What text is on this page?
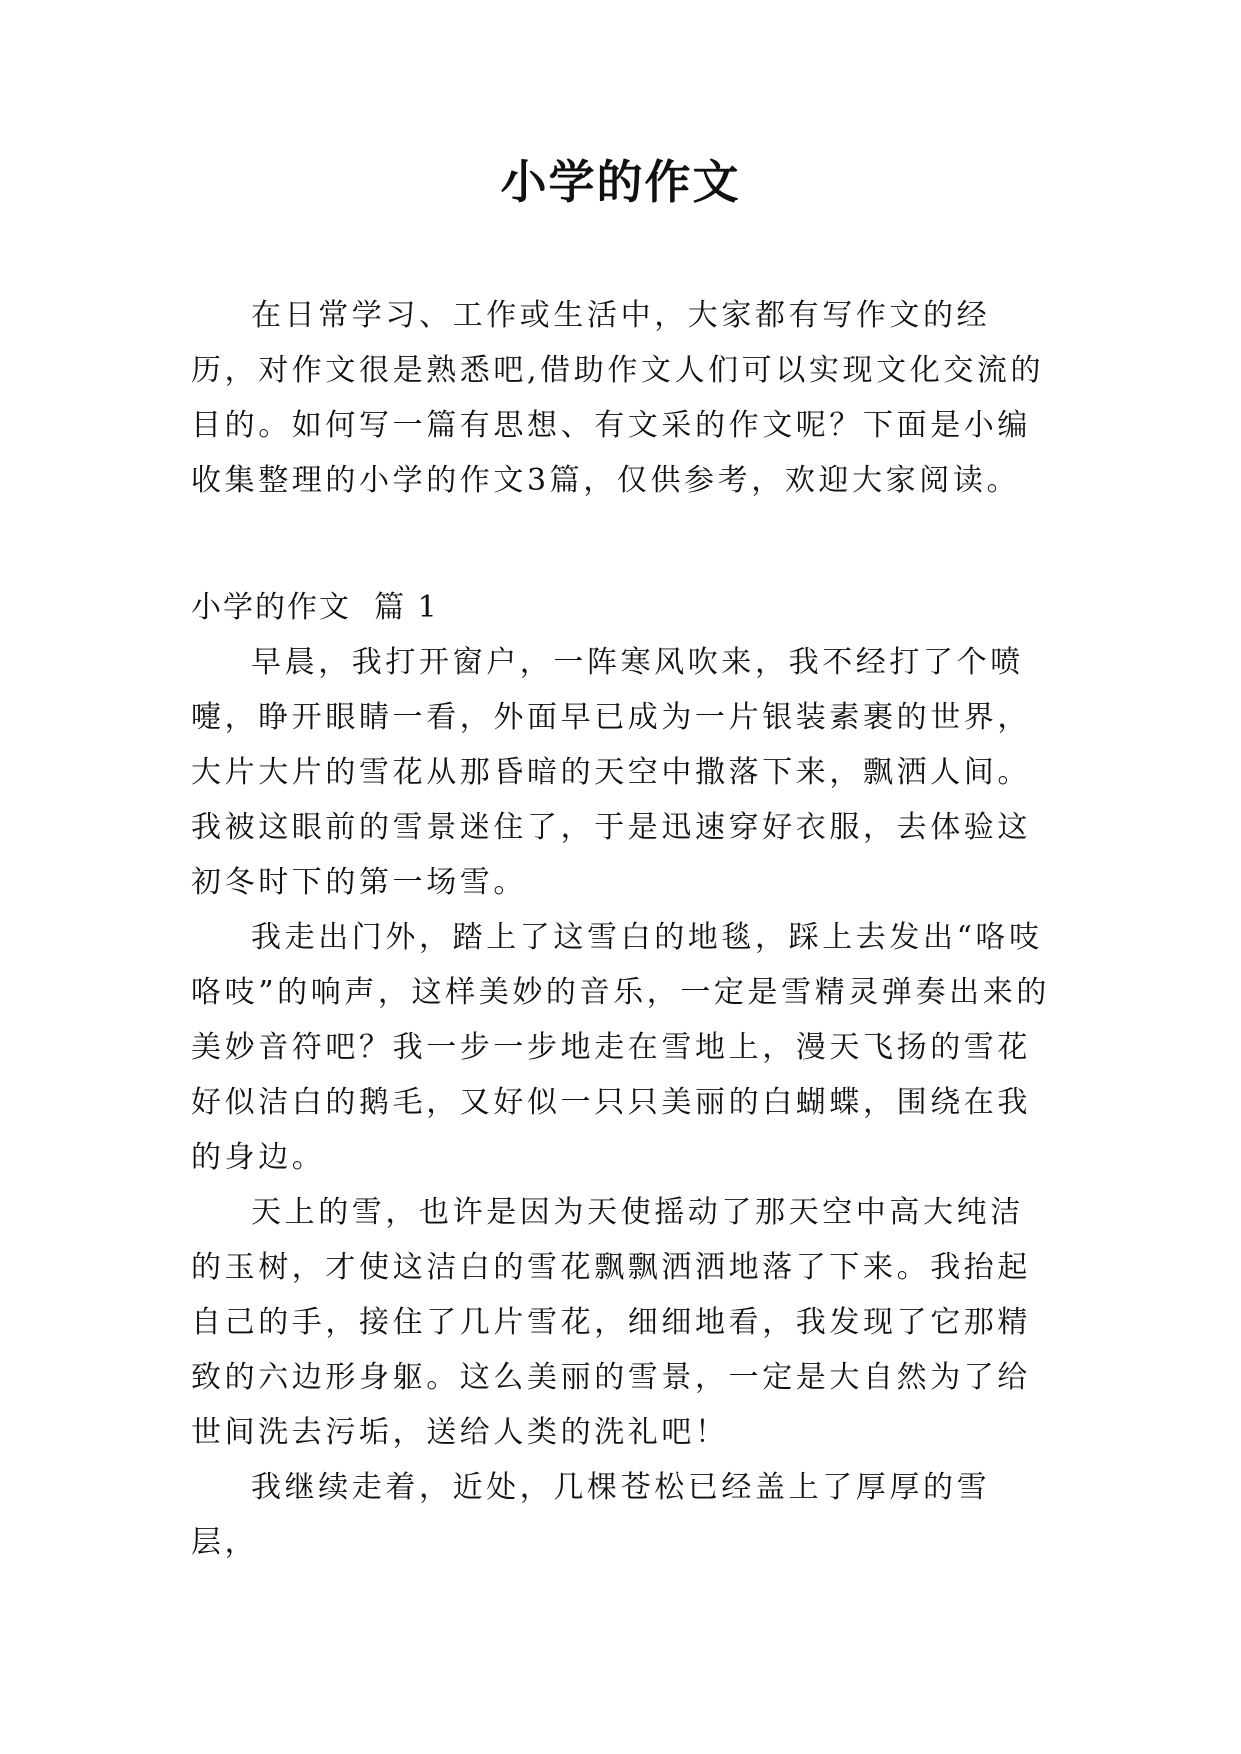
小学的作文

在日常学习、工作或生活中，大家都有写作文的经历，对作文很是熟悉吧,借助作文人们可以实现文化交流的目的。如何写一篇有思想、有文采的作文呢？下面是小编收集整理的小学的作文3篇，仅供参考，欢迎大家阅读。

小学的作文  篇 1

早晨，我打开窗户，一阵寒风吹来，我不经打了个喷嚏，睁开眼睛一看，外面早已成为一片银装素裹的世界，大片大片的雪花从那昏暗的天空中撒落下来，飘洒人间。我被这眼前的雪景迷住了，于是迅速穿好衣服，去体验这初冬时下的第一场雪。

我走出门外，踏上了这雪白的地毯，踩上去发出“咯吱咯吱”的响声，这样美妙的音乐，一定是雪精灵弹奏出来的美妙音符吧？我一步一步地走在雪地上，漫天飞扬的雪花好似洁白的鹅毛，又好似一只只美丽的白蝴蝶，围绕在我的身边。

天上的雪，也许是因为天使摇动了那天空中高大纯洁的玉树，才使这洁白的雪花飘飘洒洒地落了下来。我抬起自己的手，接住了几片雪花，细细地看，我发现了它那精致的六边形身躯。这么美丽的雪景，一定是大自然为了给世间洗去污垢，送给人类的洗礼吧！

我继续走着，近处，几棵苍松已经盖上了厚厚的雪层，
